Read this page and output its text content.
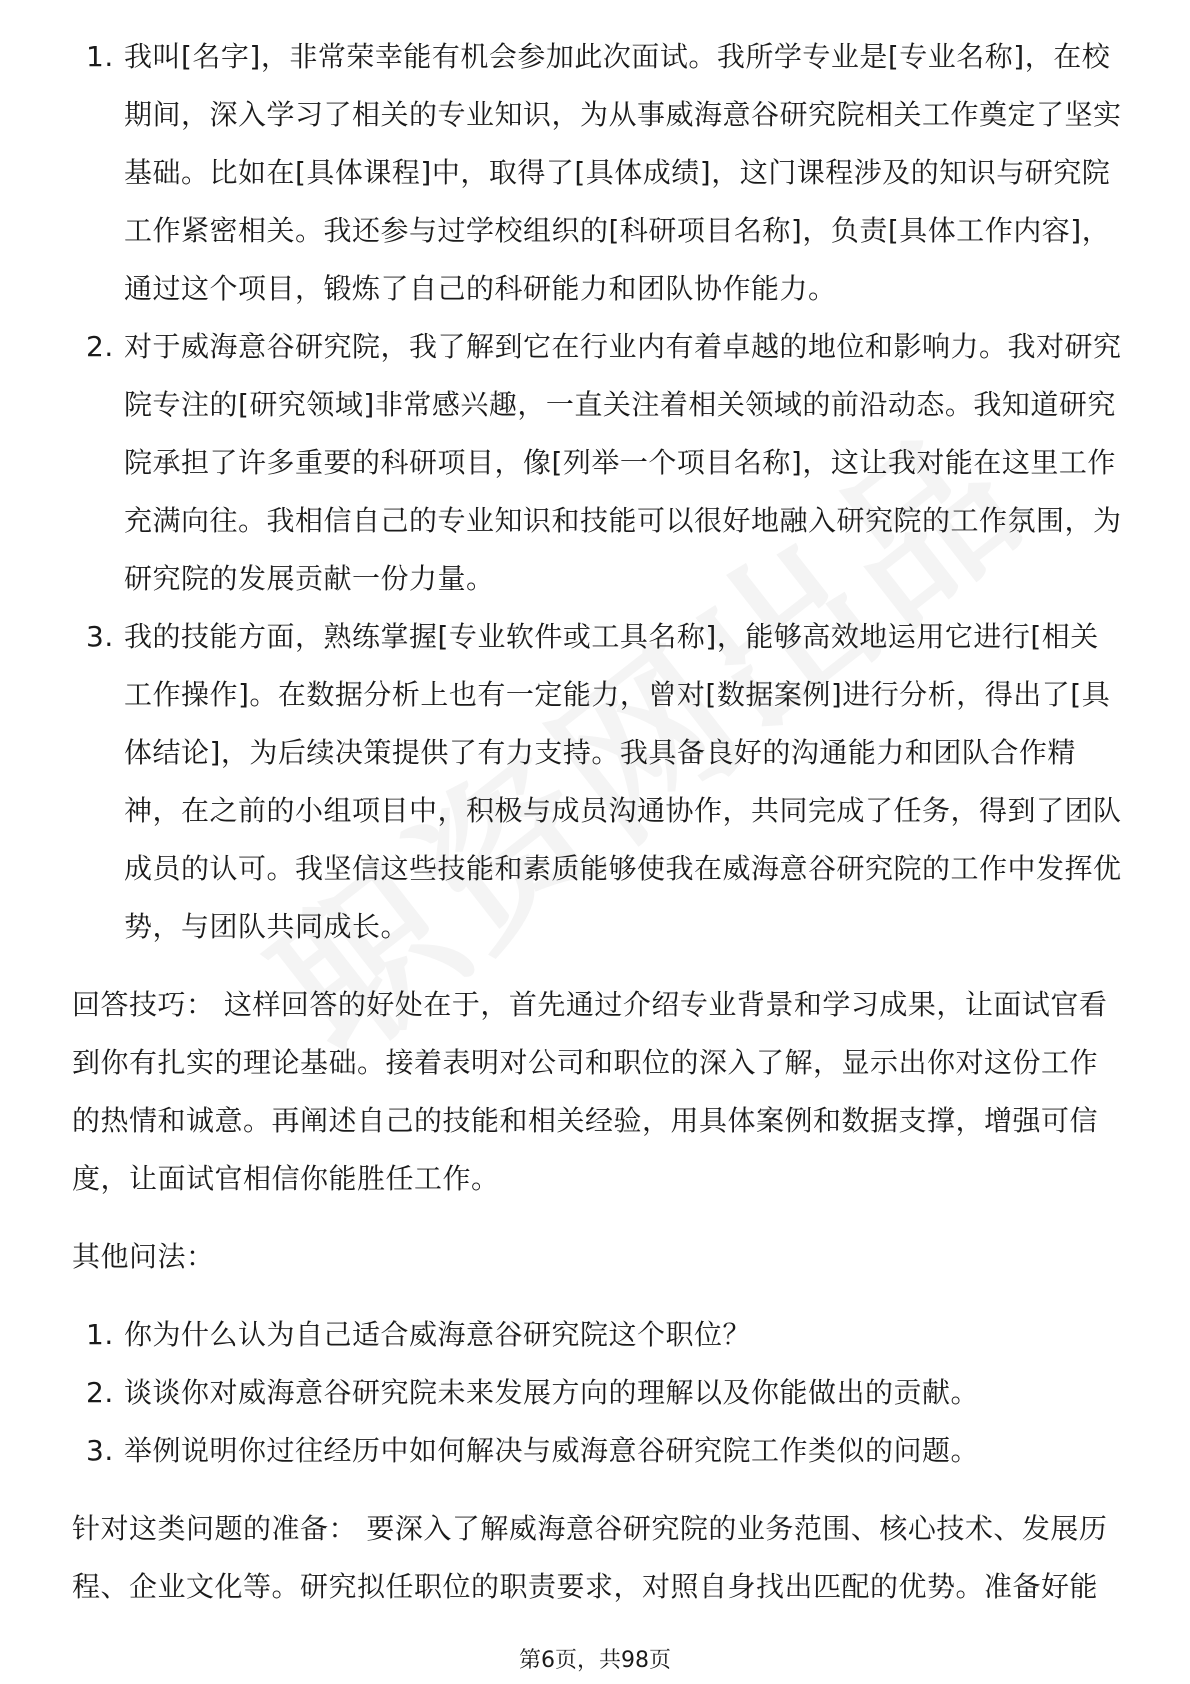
1. 我叫[名字]，非常荣幸能有机会参加此次面试。我所学专业是[专业名称]，在校期间，深入学习了相关的专业知识，为从事威海意谷研究院相关工作奠定了坚实基础。比如在[具体课程]中，取得了[具体成绩]，这门课程涉及的知识与研究院工作紧密相关。我还参与过学校组织的[科研项目名称]，负责[具体工作内容]，通过这个项目，锻炼了自己的科研能力和团队协作能力。
2. 对于威海意谷研究院，我了解到它在行业内有着卓越的地位和影响力。我对研究院专注的[研究领域]非常感兴趣，一直关注着相关领域的前沿动态。我知道研究院承担了许多重要的科研项目，像[列举一个项目名称]，这让我对能在这里工作充满向往。我相信自己的专业知识和技能可以很好地融入研究院的工作氛围，为研究院的发展贡献一份力量。
3. 我的技能方面，熟练掌握[专业软件或工具名称]，能够高效地运用它进行[相关工作操作]。在数据分析上也有一定能力，曾对[数据案例]进行分析，得出了[具体结论]，为后续决策提供了有力支持。我具备良好的沟通能力和团队合作精神，在之前的小组项目中，积极与成员沟通协作，共同完成了任务，得到了团队成员的认可。我坚信这些技能和素质能够使我在威海意谷研究院的工作中发挥优势，与团队共同成长。

回答技巧： 这样回答的好处在于，首先通过介绍专业背景和学习成果，让面试官看到你有扎实的理论基础。接着表明对公司和职位的深入了解，显示出你对这份工作的热情和诚意。再阐述自己的技能和相关经验，用具体案例和数据支撑，增强可信度，让面试官相信你能胜任工作。

其他问法：

1. 你为什么认为自己适合威海意谷研究院这个职位？
2. 谈谈你对威海意谷研究院未来发展方向的理解以及你能做出的贡献。
3. 举例说明你过往经历中如何解决与威海意谷研究院工作类似的问题。

针对这类问题的准备： 要深入了解威海意谷研究院的业务范围、核心技术、发展历程、企业文化等。研究拟任职位的职责要求，对照自身找出匹配的优势。准备好能

第6页，共98页
